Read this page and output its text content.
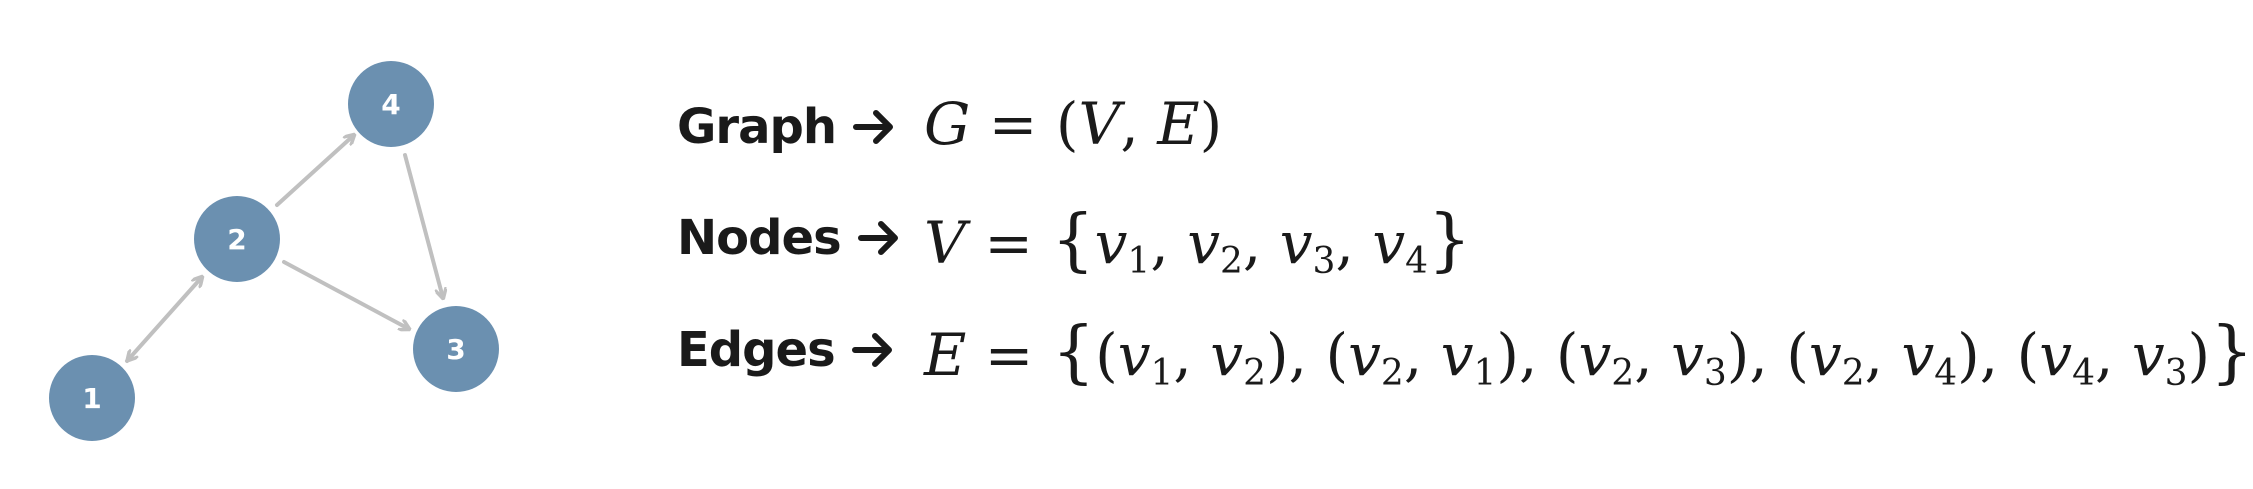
1
2
3
4	Graph G = (V, E)
Nodes $V = \{v_1$, $v_2$, $v_3$, $v_4$}
Edges $E = \{(v_1$, $v_2$), ($v_2$, $v_1$), ($v_2$, $v_3$), ($v_2$, $v_4$), ($v_4$, $v_3$)}
